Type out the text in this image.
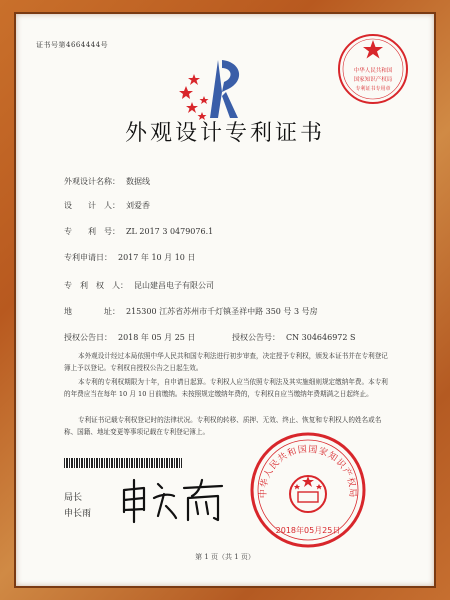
证书号第4664444号
中华人民共和国
国家知识产权局
专利证书专用章
外观设计专利证书
外观设计名称： 数据线
设　　计　人： 刘爱香
专　　利　号： ZL 2017 3 0479076.1
专利申请日： 2017 年 10 月 10 日
专　利　权　人： 昆山建昌电子有限公司
地　　　　址： 215300 江苏省苏州市千灯镇圣祥中路 350 号 3 号房
授权公告日： 2018 年 05 月 25 日	授权公告号： CN 304646972 S
本外观设计经过本局依照中华人民共和国专利法进行初步审查，决定授予专利权，颁发本证书并在专利登记簿上予以登记。专利权自授权公告之日起生效。
本专利的专利权期限为十年，自申请日起算。专利权人应当依照专利法及其实施细则规定缴纳年费。本专利的年费应当在每年 10 月 10 日前缴纳。未按照规定缴纳年费的，专利权自应当缴纳年费期满之日起终止。
专利证书记载专利权登记时的法律状况。专利权的转移、质押、无效、终止、恢复和专利权人的姓名或名称、国籍、地址变更等事项记载在专利登记簿上。
局长
申长雨
中华人民共和国国家知识产权局
2018年05月25日
第 1 页（共 1 页）
